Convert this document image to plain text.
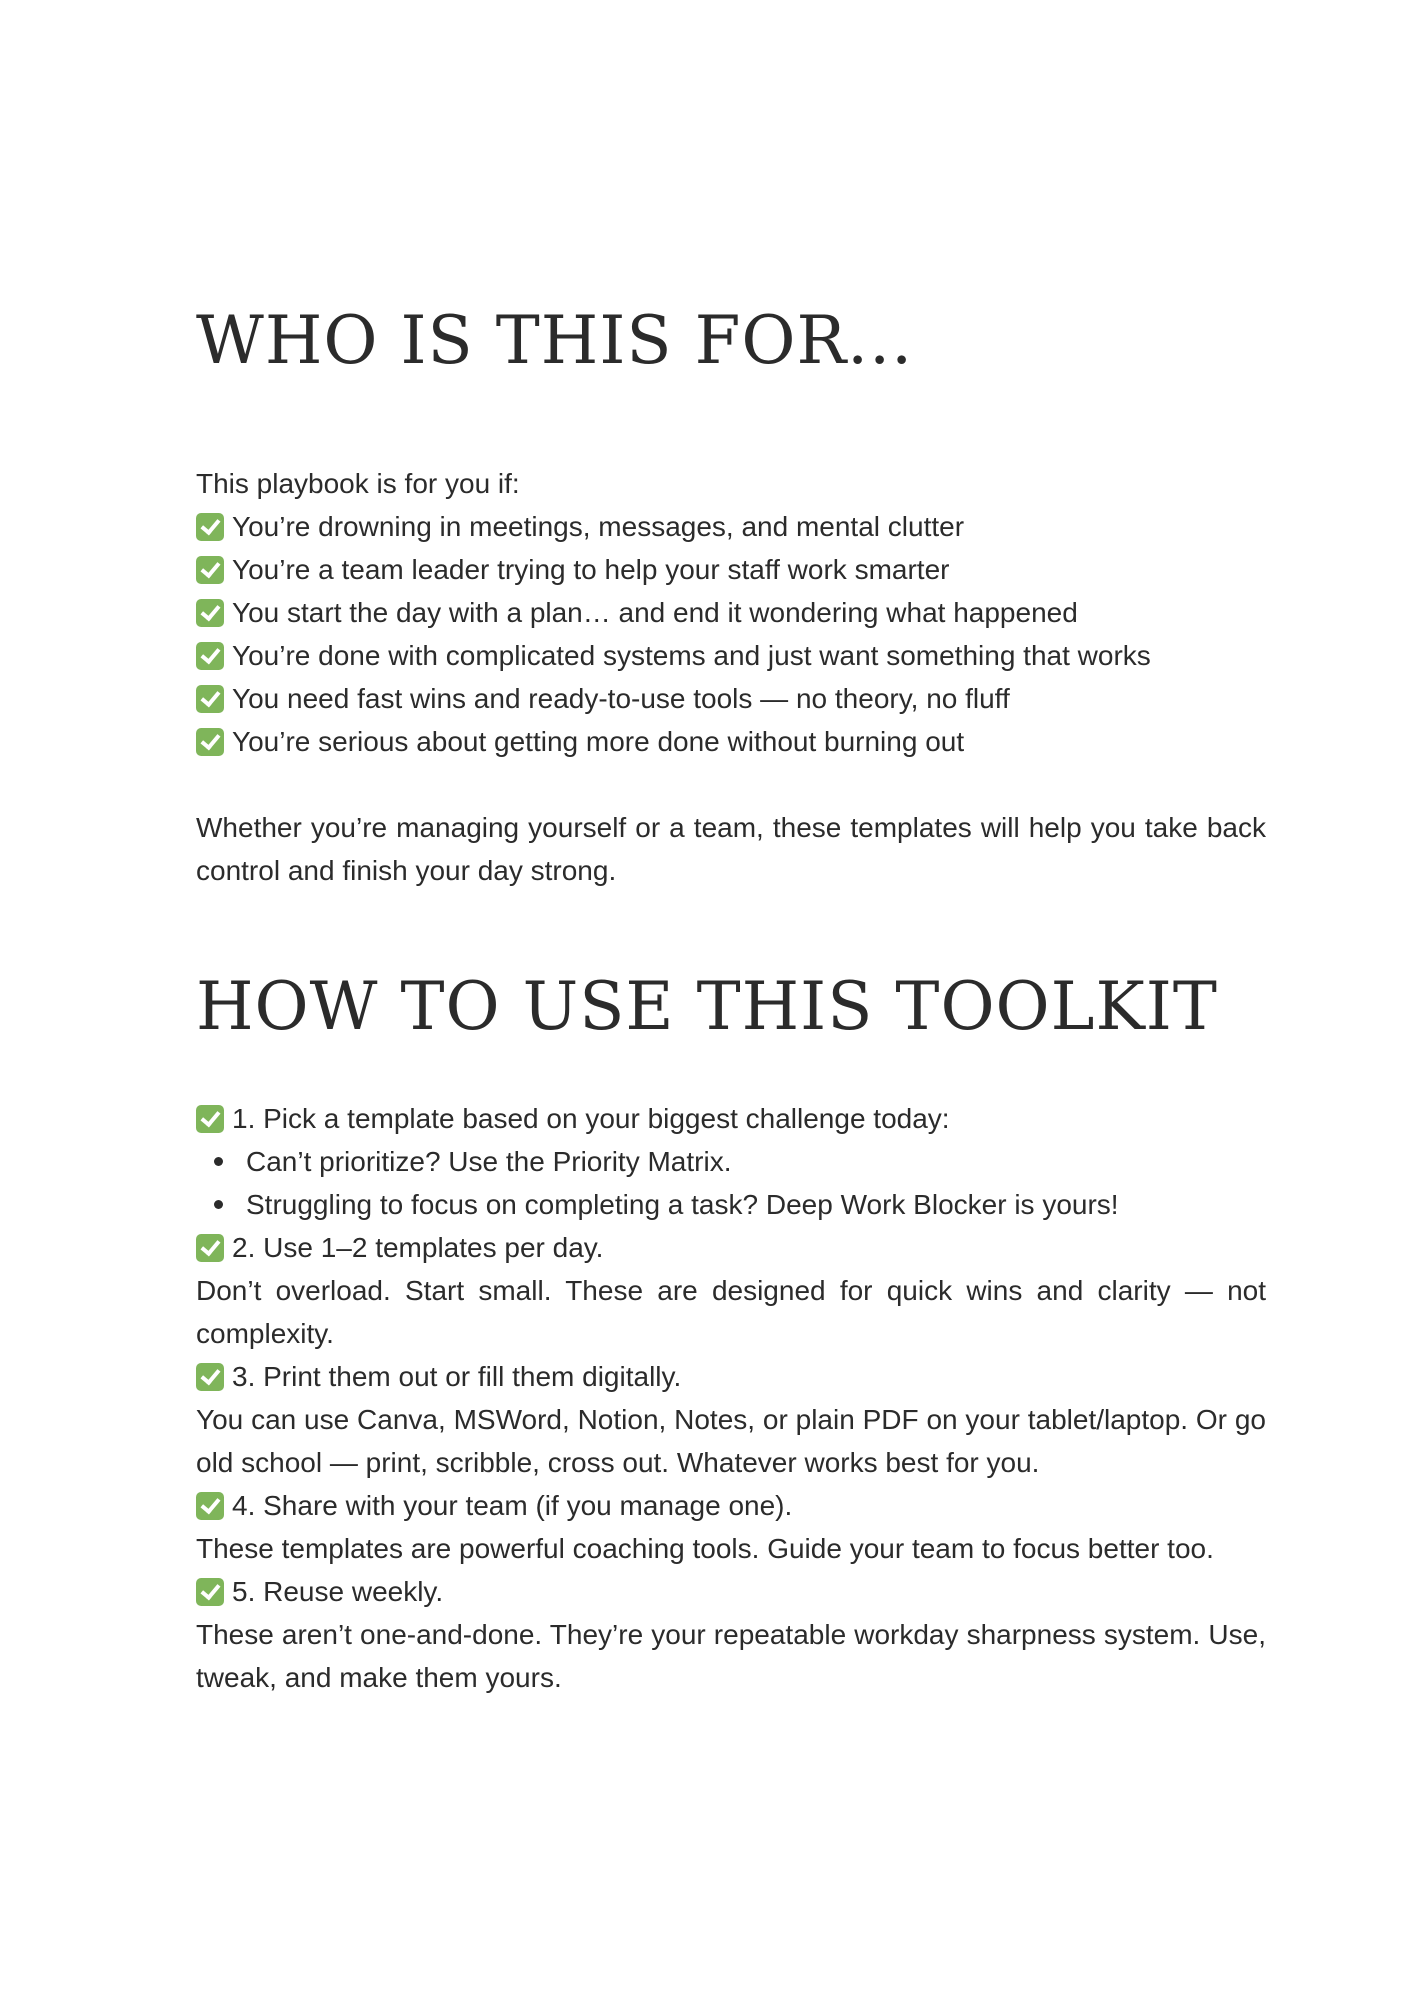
WHO IS THIS FOR...
This playbook is for you if:
You’re drowning in meetings, messages, and mental clutter
You’re a team leader trying to help your staff work smarter
You start the day with a plan… and end it wondering what happened
You’re done with complicated systems and just want something that works
You need fast wins and ready-to-use tools — no theory, no fluff
You’re serious about getting more done without burning out
Whether you’re managing yourself or a team, these templates will help you take back control and finish your day strong.
HOW TO USE THIS TOOLKIT
1. Pick a template based on your biggest challenge today:
Can’t prioritize? Use the Priority Matrix.
Struggling to focus on completing a task? Deep Work Blocker is yours!
2. Use 1–2 templates per day.
Don’t overload. Start small. These are designed for quick wins and clarity — not complexity.
3. Print them out or fill them digitally.
You can use Canva, MSWord, Notion, Notes, or plain PDF on your tablet/laptop. Or go old school — print, scribble, cross out. Whatever works best for you.
4. Share with your team (if you manage one).
These templates are powerful coaching tools. Guide your team to focus better too.
5. Reuse weekly.
These aren’t one-and-done. They’re your repeatable workday sharpness system. Use, tweak, and make them yours.
